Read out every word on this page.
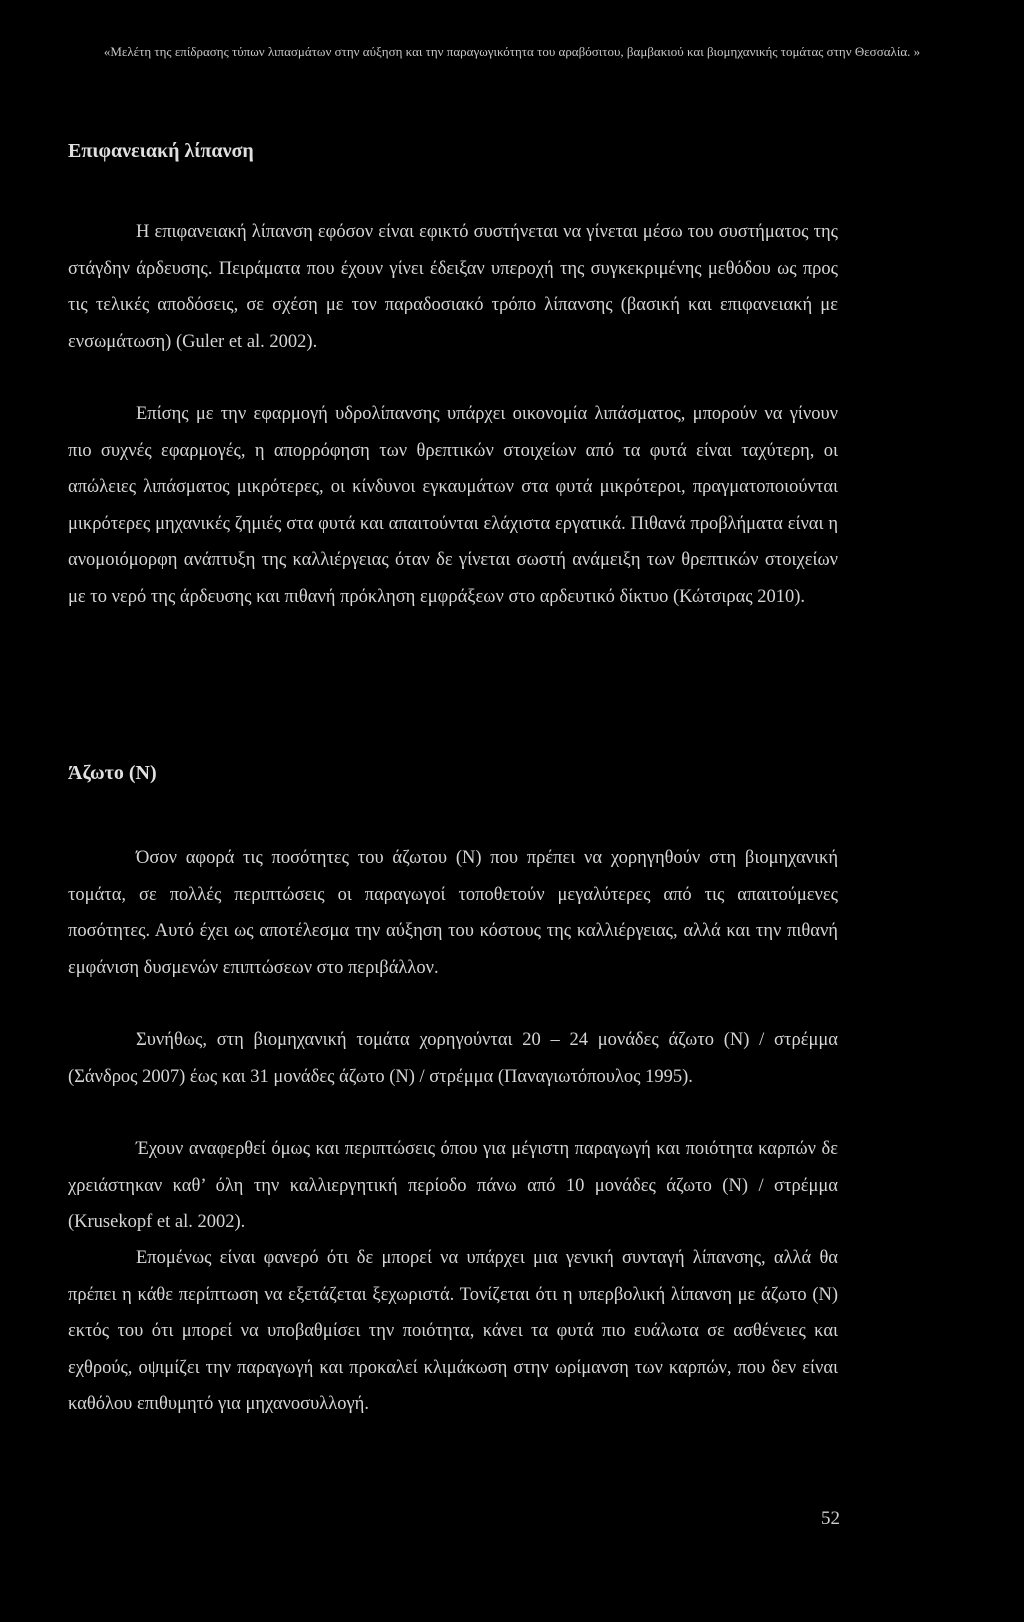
«Μελέτη της επίδρασης τύπων λιπασμάτων στην αύξηση και την παραγωγικότητα του αραβόσιτου, βαμβακιού και βιομηχανικής τομάτας στην Θεσσαλία. »
Επιφανειακή λίπανση

Η επιφανειακή λίπανση εφόσον είναι εφικτό συστήνεται να γίνεται μέσω του συστήματος της στάγδην άρδευσης. Πειράματα που έχουν γίνει έδειξαν υπεροχή της συγκεκριμένης μεθόδου ως προς τις τελικές αποδόσεις, σε σχέση με τον παραδοσιακό τρόπο λίπανσης (βασική και επιφανειακή με ενσωμάτωση) (Guler et al. 2002).

Επίσης με την εφαρμογή υδρολίπανσης υπάρχει οικονομία λιπάσματος, μπορούν να γίνουν πιο συχνές εφαρμογές, η απορρόφηση των θρεπτικών στοιχείων από τα φυτά είναι ταχύτερη, οι απώλειες λιπάσματος μικρότερες, οι κίνδυνοι εγκαυμάτων στα φυτά μικρότεροι, πραγματοποιούνται μικρότερες μηχανικές ζημιές στα φυτά και απαιτούνται ελάχιστα εργατικά. Πιθανά προβλήματα είναι η ανομοιόμορφη ανάπτυξη της καλλιέργειας όταν δε γίνεται σωστή ανάμειξη των θρεπτικών στοιχείων με το νερό της άρδευσης και πιθανή πρόκληση εμφράξεων στο αρδευτικό δίκτυο (Κώτσιρας 2010).

Άζωτο (Ν)

Όσον αφορά τις ποσότητες του άζωτου (Ν) που πρέπει να χορηγηθούν στη βιομηχανική τομάτα, σε πολλές περιπτώσεις οι παραγωγοί τοποθετούν μεγαλύτερες από τις απαιτούμενες ποσότητες. Αυτό έχει ως αποτέλεσμα την αύξηση του κόστους της καλλιέργειας, αλλά και την πιθανή εμφάνιση δυσμενών επιπτώσεων στο περιβάλλον.

Συνήθως, στη βιομηχανική τομάτα χορηγούνται 20 – 24 μονάδες άζωτο (Ν) / στρέμμα (Σάνδρος 2007) έως και 31 μονάδες άζωτο (Ν) / στρέμμα (Παναγιωτόπουλος 1995).

Έχουν αναφερθεί όμως και περιπτώσεις όπου για μέγιστη παραγωγή και ποιότητα καρπών δε χρειάστηκαν καθ’ όλη την καλλιεργητική περίοδο πάνω από 10 μονάδες άζωτο (Ν) / στρέμμα (Krusekopf et al. 2002).

Επομένως είναι φανερό ότι δε μπορεί να υπάρχει μια γενική συνταγή λίπανσης, αλλά θα πρέπει η κάθε περίπτωση να εξετάζεται ξεχωριστά. Τονίζεται ότι η υπερβολική λίπανση με άζωτο (Ν) εκτός του ότι μπορεί να υποβαθμίσει την ποιότητα, κάνει τα φυτά πιο ευάλωτα σε ασθένειες και εχθρούς, οψιμίζει την παραγωγή και προκαλεί κλιμάκωση στην ωρίμανση των καρπών, που δεν είναι καθόλου επιθυμητό για μηχανοσυλλογή.

52
